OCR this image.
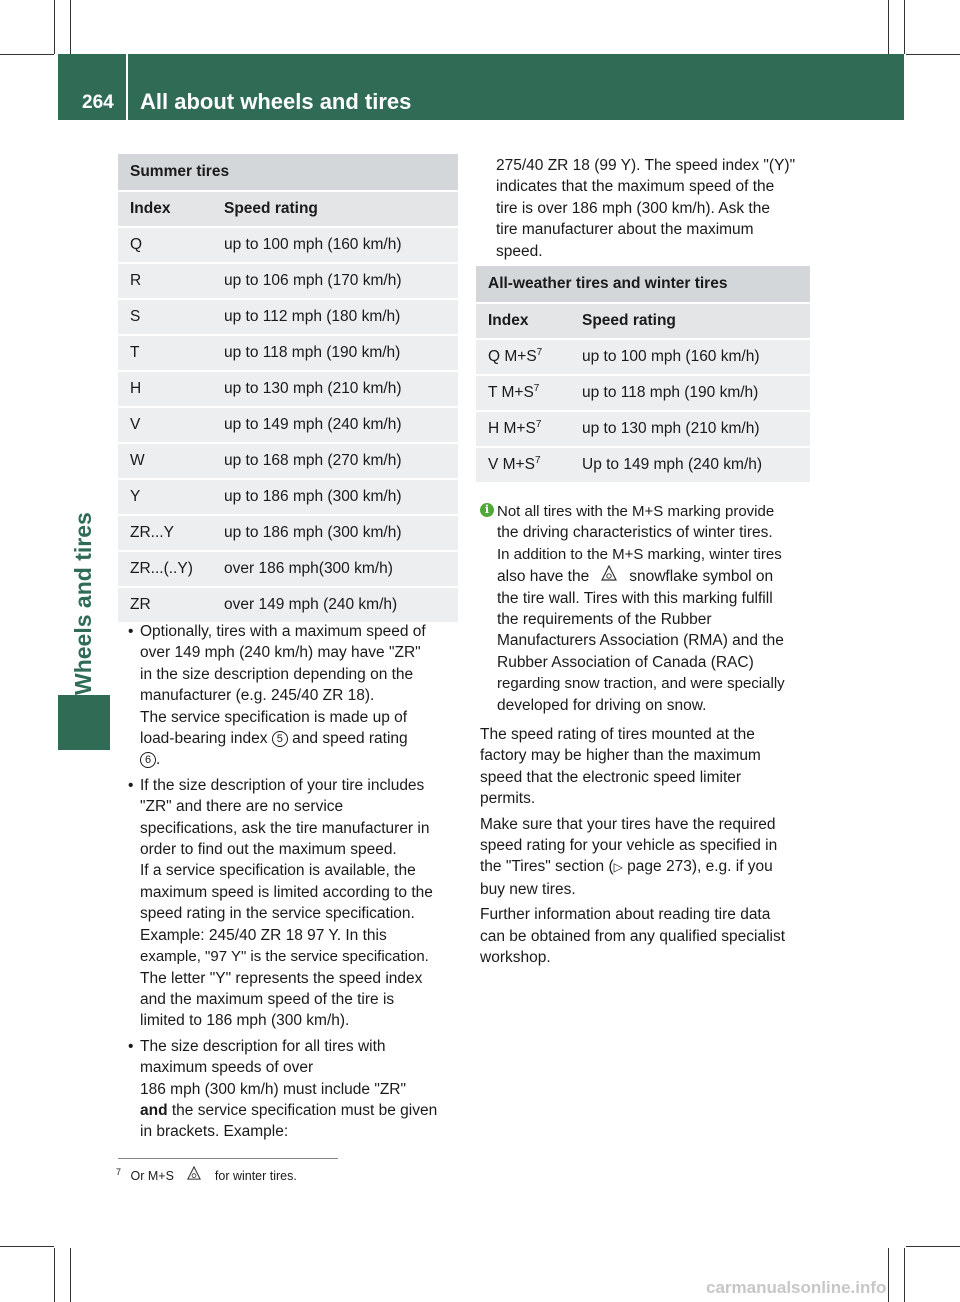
264 All about wheels and tires
Wheels and tires
Summer tires	
Index	Speed rating
Q	up to 100 mph (160 km/h)
R	up to 106 mph (170 km/h)
S	up to 112 mph (180 km/h)
T	up to 118 mph (190 km/h)
H	up to 130 mph (210 km/h)
V	up to 149 mph (240 km/h)
W	up to 168 mph (270 km/h)
Y	up to 186 mph (300 km/h)
ZR...Y	up to 186 mph (300 km/h)
ZR...(..Y)	over 186 mph(300 km/h)
ZR	over 149 mph (240 km/h)
• Optionally, tires with a maximum speed of
over 149 mph (240 km/h) may have "ZR"
in the size description depending on the
manufacturer (e.g. 245/40 ZR 18).
The service specification is made up of
load-bearing index 5 and speed rating
6 .
• If the size description of your tire includes
"ZR" and there are no service
specifications, ask the tire manufacturer in
order to find out the maximum speed.
If a service specification is available, the
maximum speed is limited according to the
speed rating in the service specification.
Example: 245/40 ZR 18 97 Y. In this
example, "97 Y" is the service specification.
The letter "Y" represents the speed index
and the maximum speed of the tire is
limited to 186 mph (300 km/h).
• The size description for all tires with
maximum speeds of over
186 mph (300 km/h) must include "ZR"
and the service specification must be given
in brackets. Example:
275/40 ZR 18 (99 Y). The speed index "(Y)"
indicates that the maximum speed of the
tire is over 186 mph (300 km/h). Ask the
tire manufacturer about the maximum
speed.
All-weather tires and winter tires	
Index	Speed rating
Q $M+S^7$	up to 100 mph (160 km/h)
T $M+S^7$	up to 118 mph (190 km/h)
H $M+S^7$	up to 130 mph (210 km/h)
V $M+S^7$	Up to 149 mph (240 km/h)
i Not all tires with the M+S marking provide
the driving characteristics of winter tires.
In addition to the M+S marking, winter tires
also have the	snowflake symbol on
the tire wall. Tires with this marking fulfill
the requirements of the Rubber
Manufacturers Association (RMA) and the
Rubber Association of Canada (RAC)
regarding snow traction, and were specially
developed for driving on snow.
The speed rating of tires mounted at the
factory may be higher than the maximum
speed that the electronic speed limiter
permits.
Make sure that your tires have the required
speed rating for your vehicle as specified in
the "Tires" section (▷ page 273), e.g. if you
buy new tires.
Further information about reading tire data
can be obtained from any qualified specialist
workshop.
$^7$ Or M+S	for winter tires.
carmanualsonline.info
